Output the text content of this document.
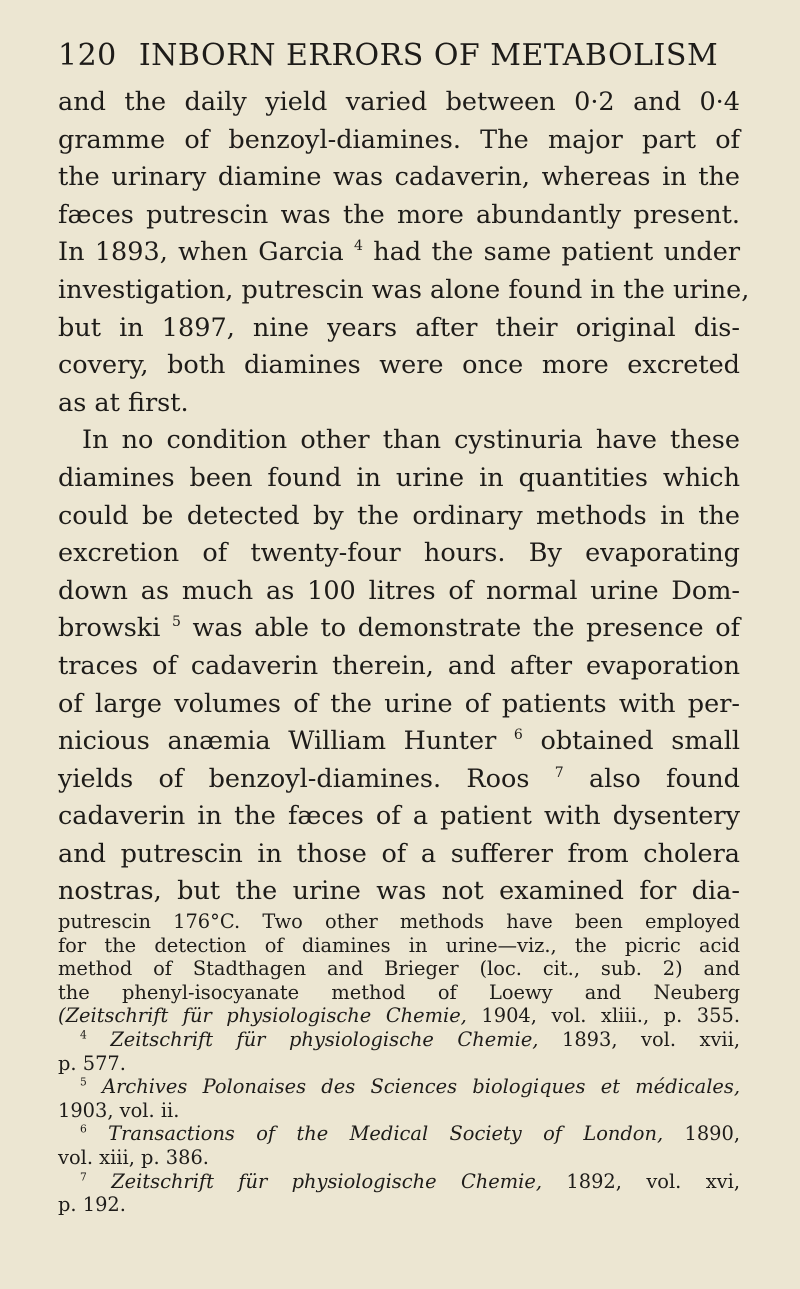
120 INBORN ERRORS OF METABOLISM
and the daily yield varied between 0·2 and 0·4
gramme of benzoyl-diamines. The major part of
the urinary diamine was cadaverin, whereas in the
fæces putrescin was the more abundantly present.
In 1893, when Garcia $^4$ had the same patient under
investigation, putrescin was alone found in the urine,
but in 1897, nine years after their original dis-
covery, both diamines were once more excreted
as at first.
In no condition other than cystinuria have these
diamines been found in urine in quantities which
could be detected by the ordinary methods in the
excretion of twenty-four hours. By evaporating
down as much as 100 litres of normal urine Dom-
browski $^5$ was able to demonstrate the presence of
traces of cadaverin therein, and after evaporation
of large volumes of the urine of patients with per-
nicious anæmia William Hunter $^6$ obtained small
yields of benzoyl-diamines. Roos $^7$ also found
cadaverin in the fæces of a patient with dysentery
and putrescin in those of a sufferer from cholera
nostras, but the urine was not examined for dia-
putrescin 176°C. Two other methods have been employed
for the detection of diamines in urine—viz., the picric acid
method of Stadthagen and Brieger (loc. cit., sub. 2) and
the phenyl-isocyanate method of Loewy and Neuberg
(Zeitschrift für physiologische Chemie, 1904, vol. xliii., p. 355.
$^4$ Zeitschrift für physiologische Chemie, 1893, vol. xvii,
p. 577.
$^5$ Archives Polonaises des Sciences biologiques et médicales,
1903, vol. ii.
$^6$ Transactions of the Medical Society of London, 1890,
vol. xiii, p. 386.
$^7$ Zeitschrift für physiologische Chemie, 1892, vol. xvi,
p. 192.
